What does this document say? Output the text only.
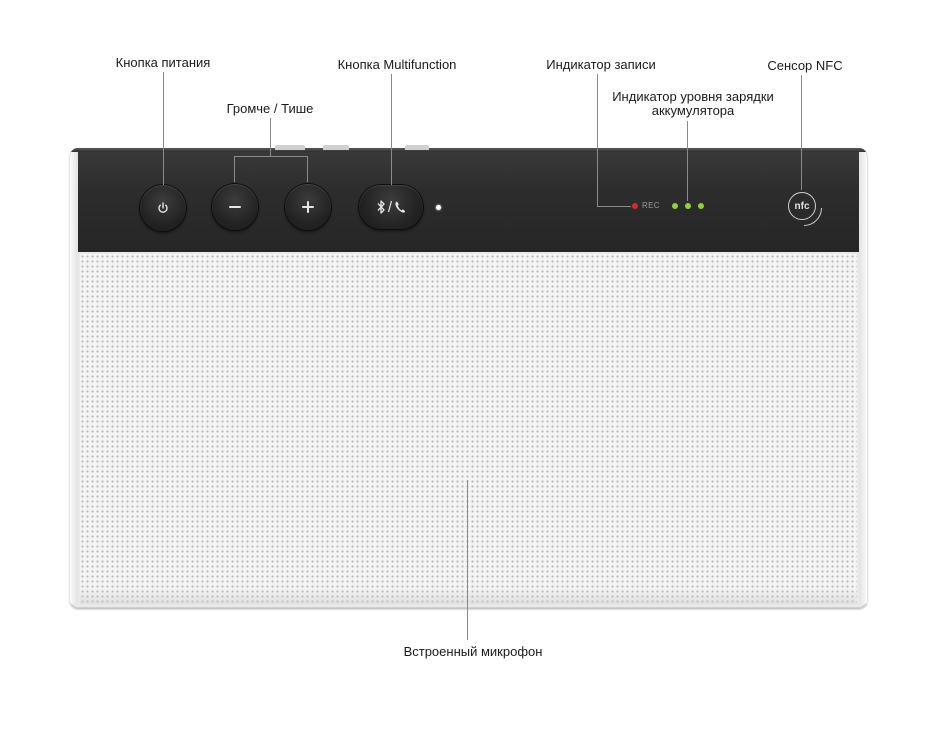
Кнопка питания
Громче / Тише
Кнопка Multifunction	Индикатор записи	Сенсор NFC
Индикатор уровня зарядки
аккумулятора
Встроенный микрофон
/	REC	nfc
